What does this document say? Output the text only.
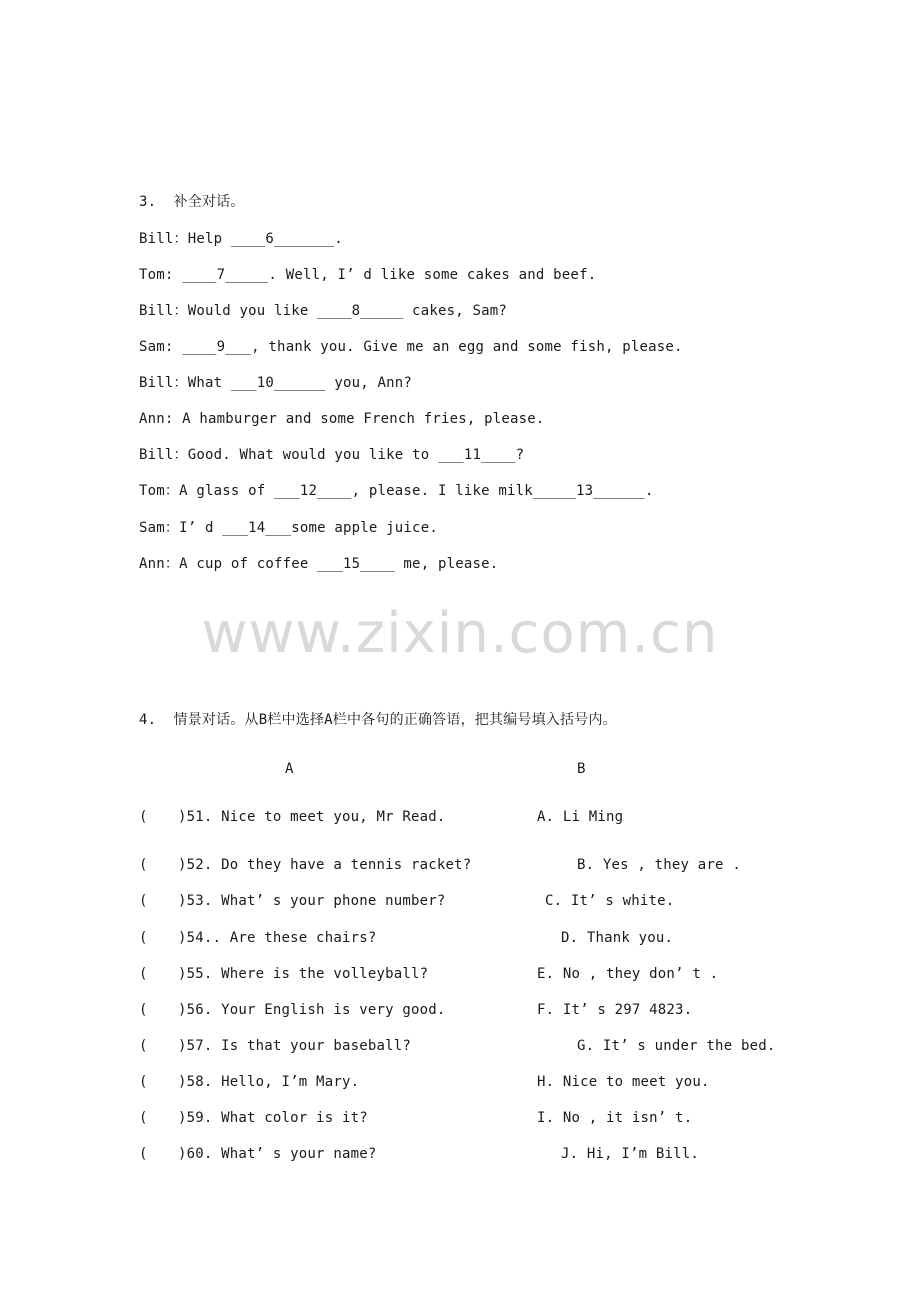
3.  补全对话。
Bill：Help ____6_______.
Tom: ____7_____. Well, I’ d like some cakes and beef.
Bill：Would you like ____8_____ cakes, Sam?
Sam: ____9___, thank you. Give me an egg and some fish, please.
Bill：What ___10______ you, Ann?
Ann: A hamburger and some French fries, please.
Bill：Good. What would you like to ___11____?
Tom：A glass of ___12____, please. I like milk_____13______.
Sam：I’ d ___14___some apple juice.
Ann：A cup of coffee ___15____ me, please.
www.zixin.com.cn
4.  情景对话。从B栏中选择A栏中各句的正确答语，把其编号填入括号内。
A	B
( )51. Nice to meet you, Mr Read.	A. Li Ming
( )52. Do they have a tennis racket?	B. Yes , they are .
( )53. What’ s your phone number?	C. It’ s white.
( )54.. Are these chairs?	D. Thank you.
( )55. Where is the volleyball?	E. No , they don’ t .
( )56. Your English is very good.	F. It’ s 297 4823.
( )57. Is that your baseball?	G. It’ s under the bed.
( )58. Hello, I’m Mary.	H. Nice to meet you.
( )59. What color is it?	I. No , it isn’ t.
( )60. What’ s your name?	J. Hi, I’m Bill.
